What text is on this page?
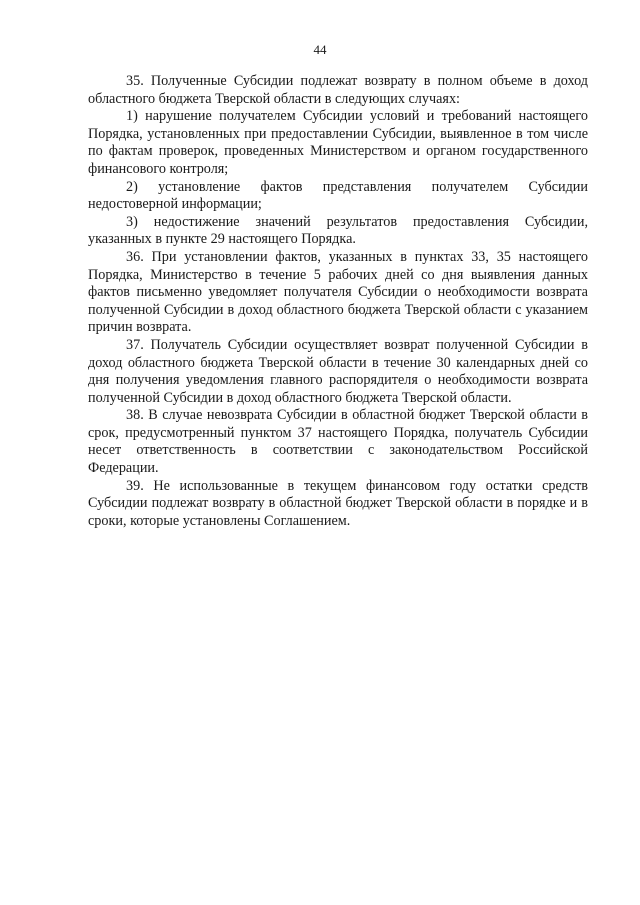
44

35. Полученные Субсидии подлежат возврату в полном объеме в доход областного бюджета Тверской области в следующих случаях:

1) нарушение получателем Субсидии условий и требований настоящего Порядка, установленных при предоставлении Субсидии, выявленное в том числе по фактам проверок, проведенных Министерством и органом государственного финансового контроля;

2) установление фактов представления получателем Субсидии недостоверной информации;

3) недостижение значений результатов предоставления Субсидии, указанных в пункте 29 настоящего Порядка.

36. При установлении фактов, указанных в пунктах 33, 35 настоящего Порядка, Министерство в течение 5 рабочих дней со дня выявления данных фактов письменно уведомляет получателя Субсидии о необходимости возврата полученной Субсидии в доход областного бюджета Тверской области с указанием причин возврата.

37. Получатель Субсидии осуществляет возврат полученной Субсидии в доход областного бюджета Тверской области в течение 30 календарных дней со дня получения уведомления главного распорядителя о необходимости возврата полученной Субсидии в доход областного бюджета Тверской области.

38. В случае невозврата Субсидии в областной бюджет Тверской области в срок, предусмотренный пунктом 37 настоящего Порядка, получатель Субсидии несет ответственность в соответствии с законодательством Российской Федерации.

39. Не использованные в текущем финансовом году остатки средств Субсидии подлежат возврату в областной бюджет Тверской области в порядке и в сроки, которые установлены Соглашением.
